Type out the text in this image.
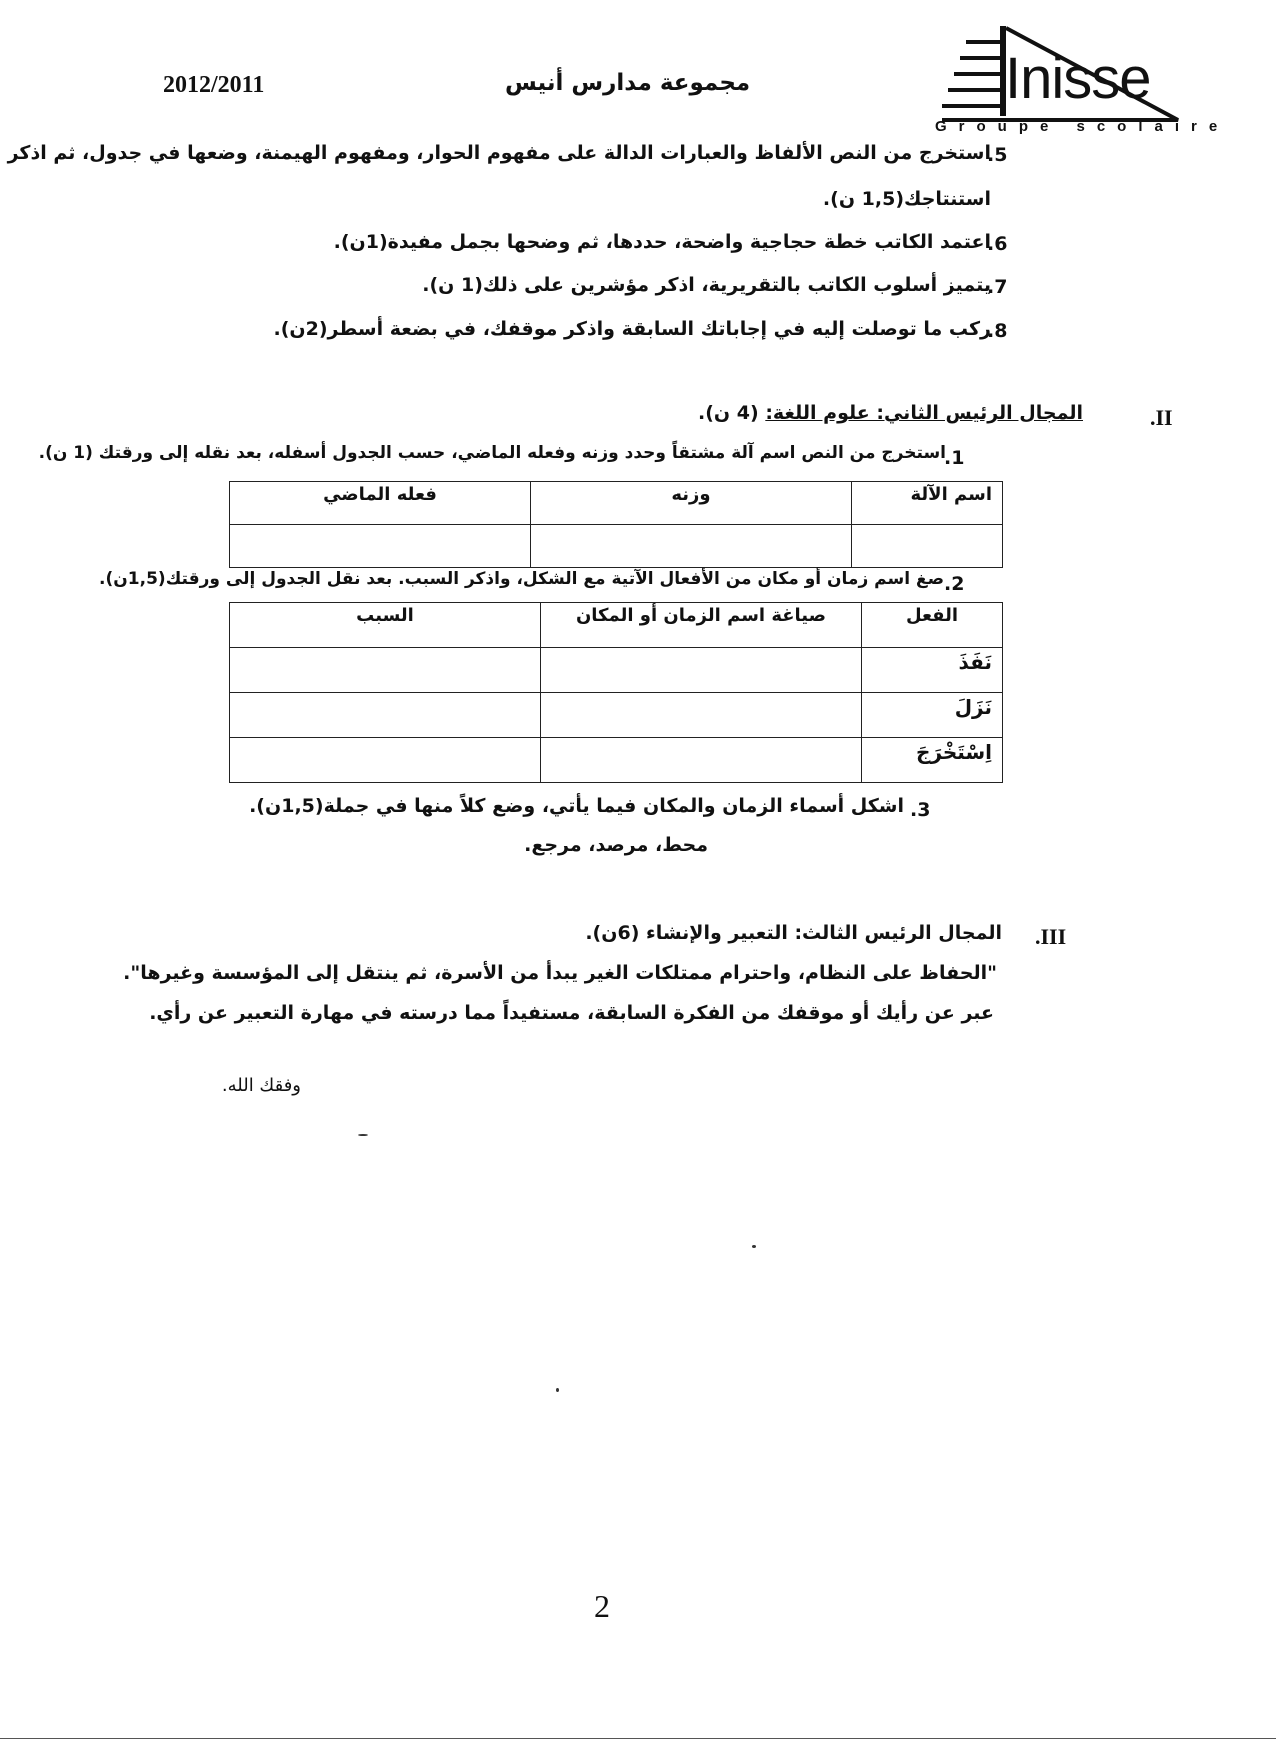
2012/2011	مجموعة مدارس أنيس	Inisse
Groupe scolaire
.5
استخرج من النص الألفاظ والعبارات الدالة على مفهوم الحوار، ومفهوم الهيمنة، وضعها في جدول، ثم اذكر
استنتاجك(1,5 ن).
.6
اعتمد الكاتب خطة حجاجية واضحة، حددها، ثم وضحها بجمل مفيدة(1ن).
.7
يتميز أسلوب الكاتب بالتقريرية، اذكر مؤشرين على ذلك(1 ن).
.8
ركب ما توصلت إليه في إجاباتك السابقة واذكر موقفك، في بضعة أسطر(2ن).
.II
المجال الرئيس الثاني: علوم اللغة: (4 ن).
.1
استخرج من النص اسم آلة مشتقاً وحدد وزنه وفعله الماضي، حسب الجدول أسفله، بعد نقله إلى ورقتك (1 ن).
اسم الآلة	وزنه	فعله الماضي

.2
صغ اسم زمان أو مكان من الأفعال الآتية مع الشكل، واذكر السبب. بعد نقل الجدول إلى ورقتك(1,5ن).
الفعل	صياغة اسم الزمان أو المكان	السبب
نَفَذَ		
نَزَلَ		
اِسْتَخْرَجَ		
.3
اشكل أسماء الزمان والمكان فيما يأتي، وضع كلاً منها في جملة(1,5ن).
محط، مرصد، مرجع.
.III
المجال الرئيس الثالث: التعبير والإنشاء (6ن).
"الحفاظ على النظام، واحترام ممتلكات الغير يبدأ من الأسرة، ثم ينتقل إلى المؤسسة وغيرها".
عبر عن رأيك أو موقفك من الفكرة السابقة، مستفيداً مما درسته في مهارة التعبير عن رأي.
وفقك الله.
2
